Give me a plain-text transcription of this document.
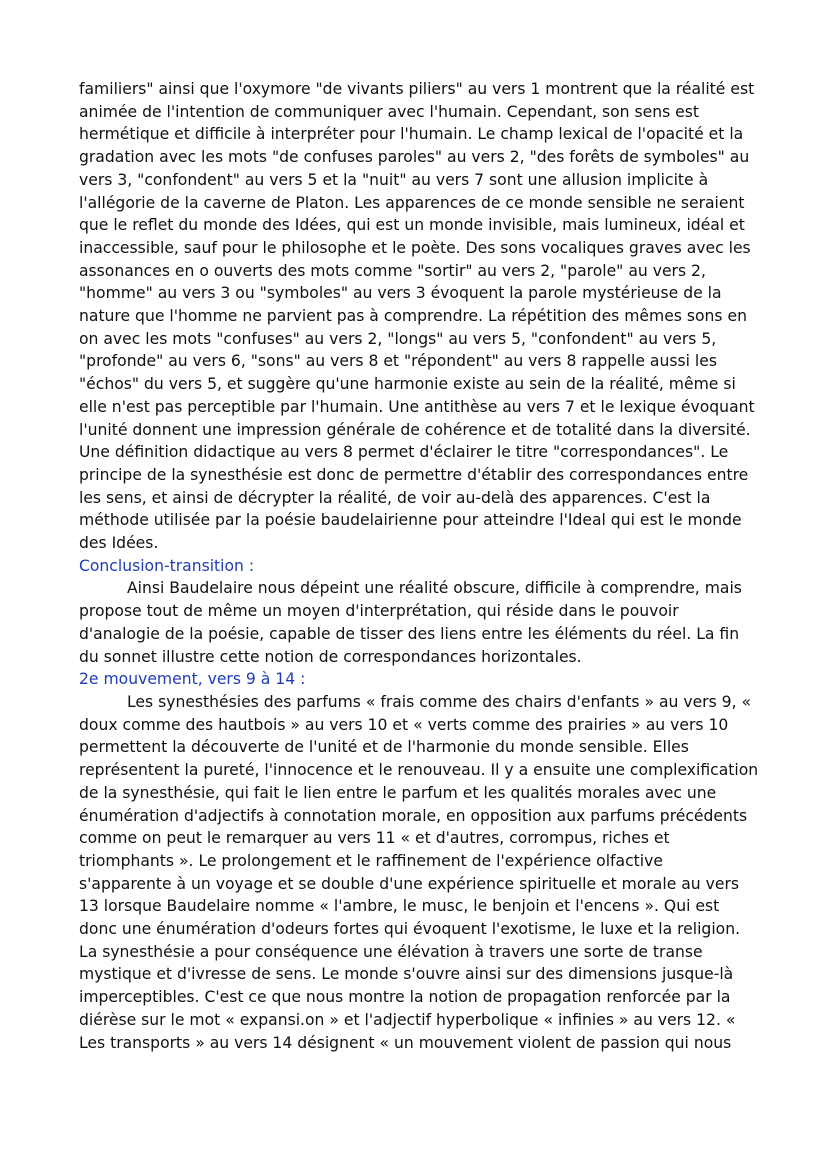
familiers" ainsi que l'oxymore "de vivants piliers" au vers 1 montrent que la réalité est animée de l'intention de communiquer avec l'humain. Cependant, son sens est hermétique et difficile à interpréter pour l'humain. Le champ lexical de l'opacité et la gradation avec les mots "de confuses paroles" au vers 2, "des forêts de symboles" au vers 3, "confondent" au vers 5 et la "nuit" au vers 7 sont une allusion implicite à l'allégorie de la caverne de Platon. Les apparences de ce monde sensible ne seraient que le reflet du monde des Idées, qui est un monde invisible, mais lumineux, idéal et inaccessible, sauf pour le philosophe et le poète. Des sons vocaliques graves avec les assonances en o ouverts des mots comme "sortir" au vers 2, "parole" au vers 2, "homme" au vers 3 ou "symboles" au vers 3 évoquent la parole mystérieuse de la nature que l'homme ne parvient pas à comprendre. La répétition des mêmes sons en on avec les mots "confuses" au vers 2, "longs" au vers 5, "confondent" au vers 5, "profonde" au vers 6, "sons" au vers 8 et "répondent" au vers 8 rappelle aussi les "échos" du vers 5, et suggère qu'une harmonie existe au sein de la réalité, même si elle n'est pas perceptible par l'humain. Une antithèse au vers 7 et le lexique évoquant l'unité donnent une impression générale de cohérence et de totalité dans la diversité. Une définition didactique au vers 8 permet d'éclairer le titre "correspondances". Le principe de la synesthésie est donc de permettre d'établir des correspondances entre les sens, et ainsi de décrypter la réalité, de voir au-delà des apparences. C'est la méthode utilisée par la poésie baudelairienne pour atteindre l'Ideal qui est le monde des Idées.

Conclusion-transition :

Ainsi Baudelaire nous dépeint une réalité obscure, difficile à comprendre, mais propose tout de même un moyen d'interprétation, qui réside dans le pouvoir d'analogie de la poésie, capable de tisser des liens entre les éléments du réel. La fin du sonnet illustre cette notion de correspondances horizontales.

2e mouvement, vers 9 à 14 :

Les synesthésies des parfums « frais comme des chairs d'enfants » au vers 9, « doux comme des hautbois » au vers 10 et « verts comme des prairies » au vers 10 permettent la découverte de l'unité et de l'harmonie du monde sensible. Elles représentent la pureté, l'innocence et le renouveau. Il y a ensuite une complexification de la synesthésie, qui fait le lien entre le parfum et les qualités morales avec une énumération d'adjectifs à connotation morale, en opposition aux parfums précédents comme on peut le remarquer au vers 11 « et d'autres, corrompus, riches et triomphants ». Le prolongement et le raffinement de l'expérience olfactive s'apparente à un voyage et se double d'une expérience spirituelle et morale au vers 13 lorsque Baudelaire nomme « l'ambre, le musc, le benjoin et l'encens ». Qui est donc une énumération d'odeurs fortes qui évoquent l'exotisme, le luxe et la religion. La synesthésie a pour conséquence une élévation à travers une sorte de transe mystique et d'ivresse de sens. Le monde s'ouvre ainsi sur des dimensions jusque-là imperceptibles. C'est ce que nous montre la notion de propagation renforcée par la diérèse sur le mot « expansi.on » et l'adjectif hyperbolique « infinies » au vers 12. « Les transports » au vers 14 désignent « un mouvement violent de passion qui nous
